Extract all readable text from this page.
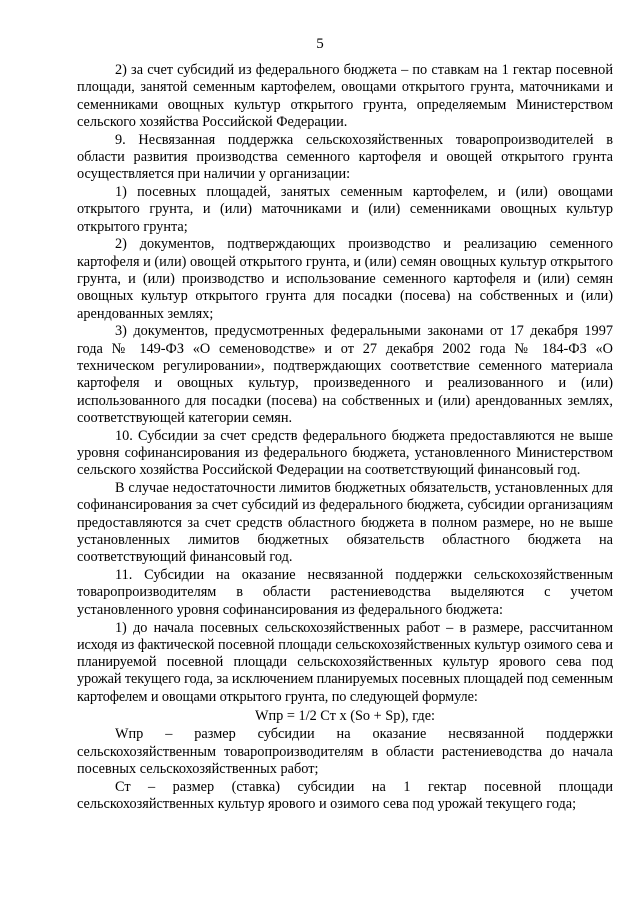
5

2) за счет субсидий из федерального бюджета – по ставкам на 1 гектар посевной площади, занятой семенным картофелем, овощами открытого грунта, маточниками и семенниками овощных культур открытого грунта, определяемым Министерством сельского хозяйства Российской Федерации.

9. Несвязанная поддержка сельскохозяйственных товаропроизводителей в области развития производства семенного картофеля и овощей открытого грунта осуществляется при наличии у организации:

1) посевных площадей, занятых семенным картофелем, и (или) овощами открытого грунта, и (или) маточниками и (или) семенниками овощных культур открытого грунта;

2) документов, подтверждающих производство и реализацию семенного картофеля и (или) овощей открытого грунта, и (или) семян овощных культур открытого грунта, и (или) производство и использование семенного картофеля и (или) семян овощных культур открытого грунта для посадки (посева) на собственных и (или) арендованных землях;

3) документов, предусмотренных федеральными законами от 17 декабря 1997 года № 149-ФЗ «О семеноводстве» и от 27 декабря 2002 года № 184-ФЗ «О техническом регулировании», подтверждающих соответствие семенного материала картофеля и овощных культур, произведенного и реализованного и (или) использованного для посадки (посева) на собственных и (или) арендованных землях, соответствующей категории семян.

10. Субсидии за счет средств федерального бюджета предоставляются не выше уровня софинансирования из федерального бюджета, установленного Министерством сельского хозяйства Российской Федерации на соответствующий финансовый год.

В случае недостаточности лимитов бюджетных обязательств, установленных для софинансирования за счет субсидий из федерального бюджета, субсидии организациям предоставляются за счет средств областного бюджета в полном размере, но не выше установленных лимитов бюджетных обязательств областного бюджета на соответствующий финансовый год.

11. Субсидии на оказание несвязанной поддержки сельскохозяйственным товаропроизводителям в области растениеводства выделяются с учетом установленного уровня софинансирования из федерального бюджета:

1) до начала посевных сельскохозяйственных работ – в размере, рассчитанном исходя из фактической посевной площади сельскохозяйственных культур озимого сева и планируемой посевной площади сельскохозяйственных культур ярового сева под урожай текущего года, за исключением планируемых посевных площадей под семенным картофелем и овощами открытого грунта, по следующей формуле:

Wпр = 1/2 Ст х (So + Sp), где:

Wпр – размер субсидии на оказание несвязанной поддержки сельскохозяйственным товаропроизводителям в области растениеводства до начала посевных сельскохозяйственных работ;

Ст – размер (ставка) субсидии на 1 гектар посевной площади сельскохозяйственных культур ярового и озимого сева под урожай текущего года;
